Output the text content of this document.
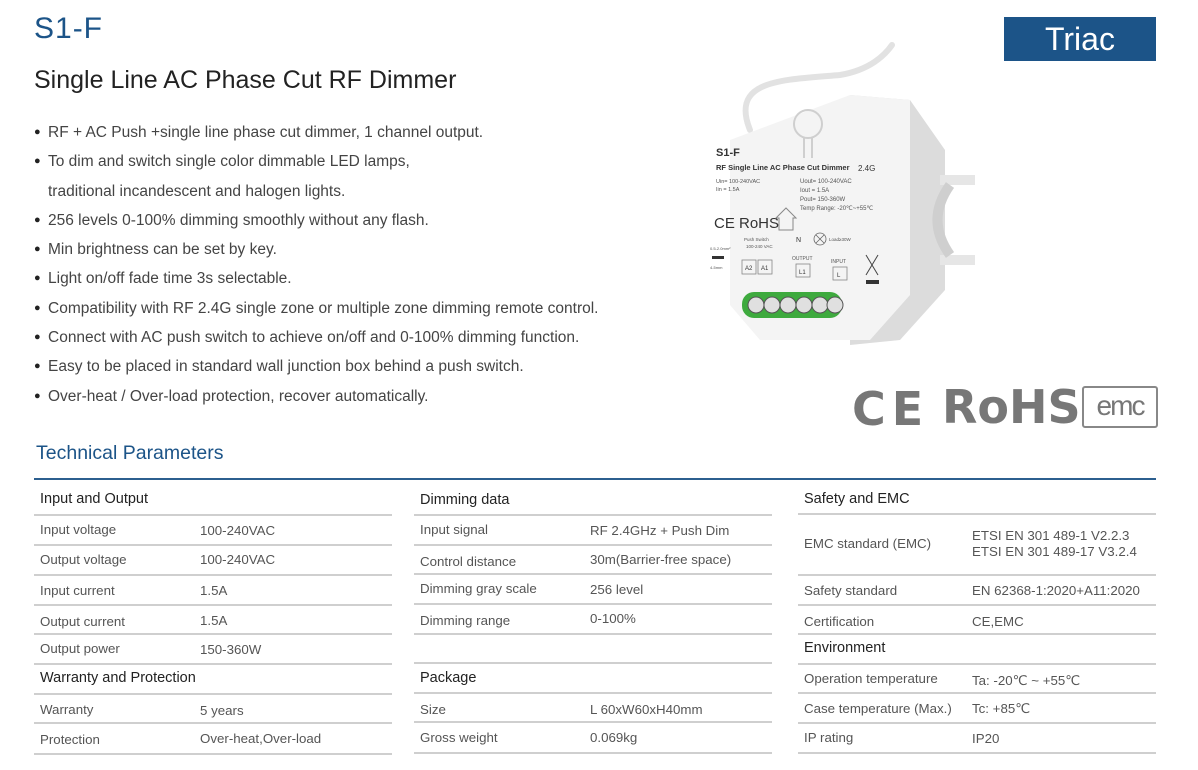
S1-F
Single Line AC Phase Cut RF Dimmer
Triac
● RF + AC Push +single line phase cut dimmer, 1 channel output.
● To dim and switch single color dimmable LED lamps,
traditional incandescent and halogen lights.
● 256 levels 0-100% dimming smoothly without any flash.
● Min brightness can be set by key.
● Light on/off fade time 3s selectable.
● Compatibility with RF 2.4G single zone or multiple zone dimming remote control.
● Connect with AC push switch to achieve on/off and 0-100% dimming function.
● Easy to be placed in standard wall junction box behind a push switch.
● Over-heat / Over-load protection, recover automatically.
S1-F
RF Single Line AC Phase Cut Dimmer 2.4G
Uin= 100-240VAC
Iin = 1.5A
Uout= 100-240VAC
Iout = 1.5A
Pout= 150-360W
Temp Range: -20℃~+55℃
CE RoHS
Push Switch
100-240 VAC
0.5-2.0mm²
4-5mm	A2 A1
N	Load≥30W
OUTPUT
L1
INPUT
L
CE RoHS emc
Technical Parameters
Input and Output
Input voltage	100-240VAC
Output voltage	100-240VAC
Input current	1.5A
Output current	1.5A
Output power	150-360W
Warranty and Protection
Warranty	5 years
Protection	Over-heat,Over-load
Dimming data
Input signal	RF 2.4GHz + Push Dim
Control distance	30m(Barrier-free space)
Dimming gray scale	256 level
Dimming range	0-100%
Package
Size	L 60xW60xH40mm
Gross weight	0.069kg
Safety and EMC
EMC standard (EMC)
ETSI EN 301 489-1 V2.2.3
ETSI EN 301 489-17 V3.2.4
Safety standard	EN 62368-1:2020+A11:2020
Certification	CE,EMC
Environment
Operation temperature	Ta: -20℃ ~ +55℃
Case temperature (Max.) Tc: +85℃
IP rating	IP20
